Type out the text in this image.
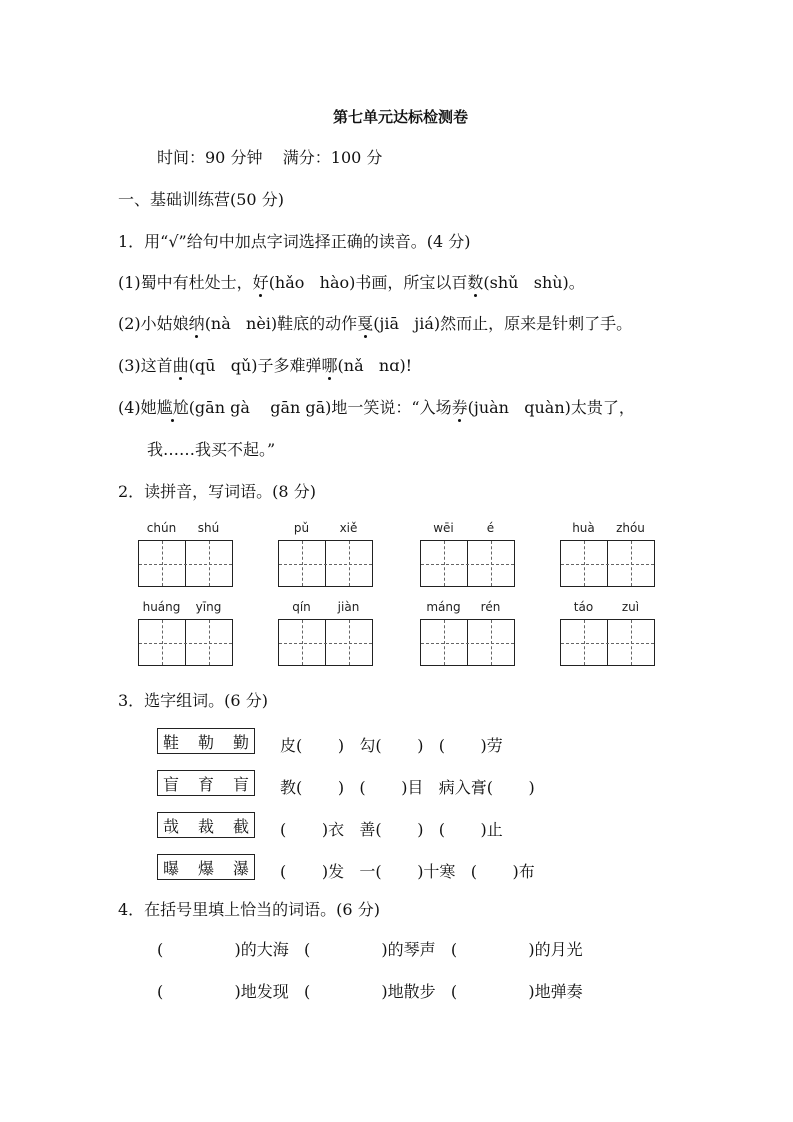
第七单元达标检测卷
时间：90 分钟    满分：100 分
一、基础训练营(50 分)
1．用“√”给句中加点字词选择正确的读音。(4 分)
(1)蜀中有杜处士，好(hǎo   hào)书画，所宝以百数(shǔ   shù)。
(2)小姑娘纳(nà   nèi)鞋底的动作戛(jiā   jiá)然而止，原来是针刺了手。
(3)这首曲(qū   qǔ)子多难弹哪(nǎ   nɑ)!
(4)她尴尬(gān gà    gān gā)地一笑说：“入场券(juàn   quàn)太贵了，
我……我买不起。”
2．读拼音，写词语。(8 分)
chún	shú	pǔ	xiě	wēi	é	huà	zhóu
huáng	yīng	qín	jiàn	máng	rén	táo	zuì
3．选字组词。(6 分)
鞋 勒 勤 皮(       )   勾(       )   (       )劳
盲 育 肓 教(       )   (       )目   病入膏(       )
哉 裁 截 (       )衣   善(       )   (       )止
曝 爆 瀑 (       )发   一(       )十寒   (       )布
4．在括号里填上恰当的词语。(6 分)
(              )的大海   (              )的琴声   (              )的月光
(              )地发现   (              )地散步   (              )地弹奏
